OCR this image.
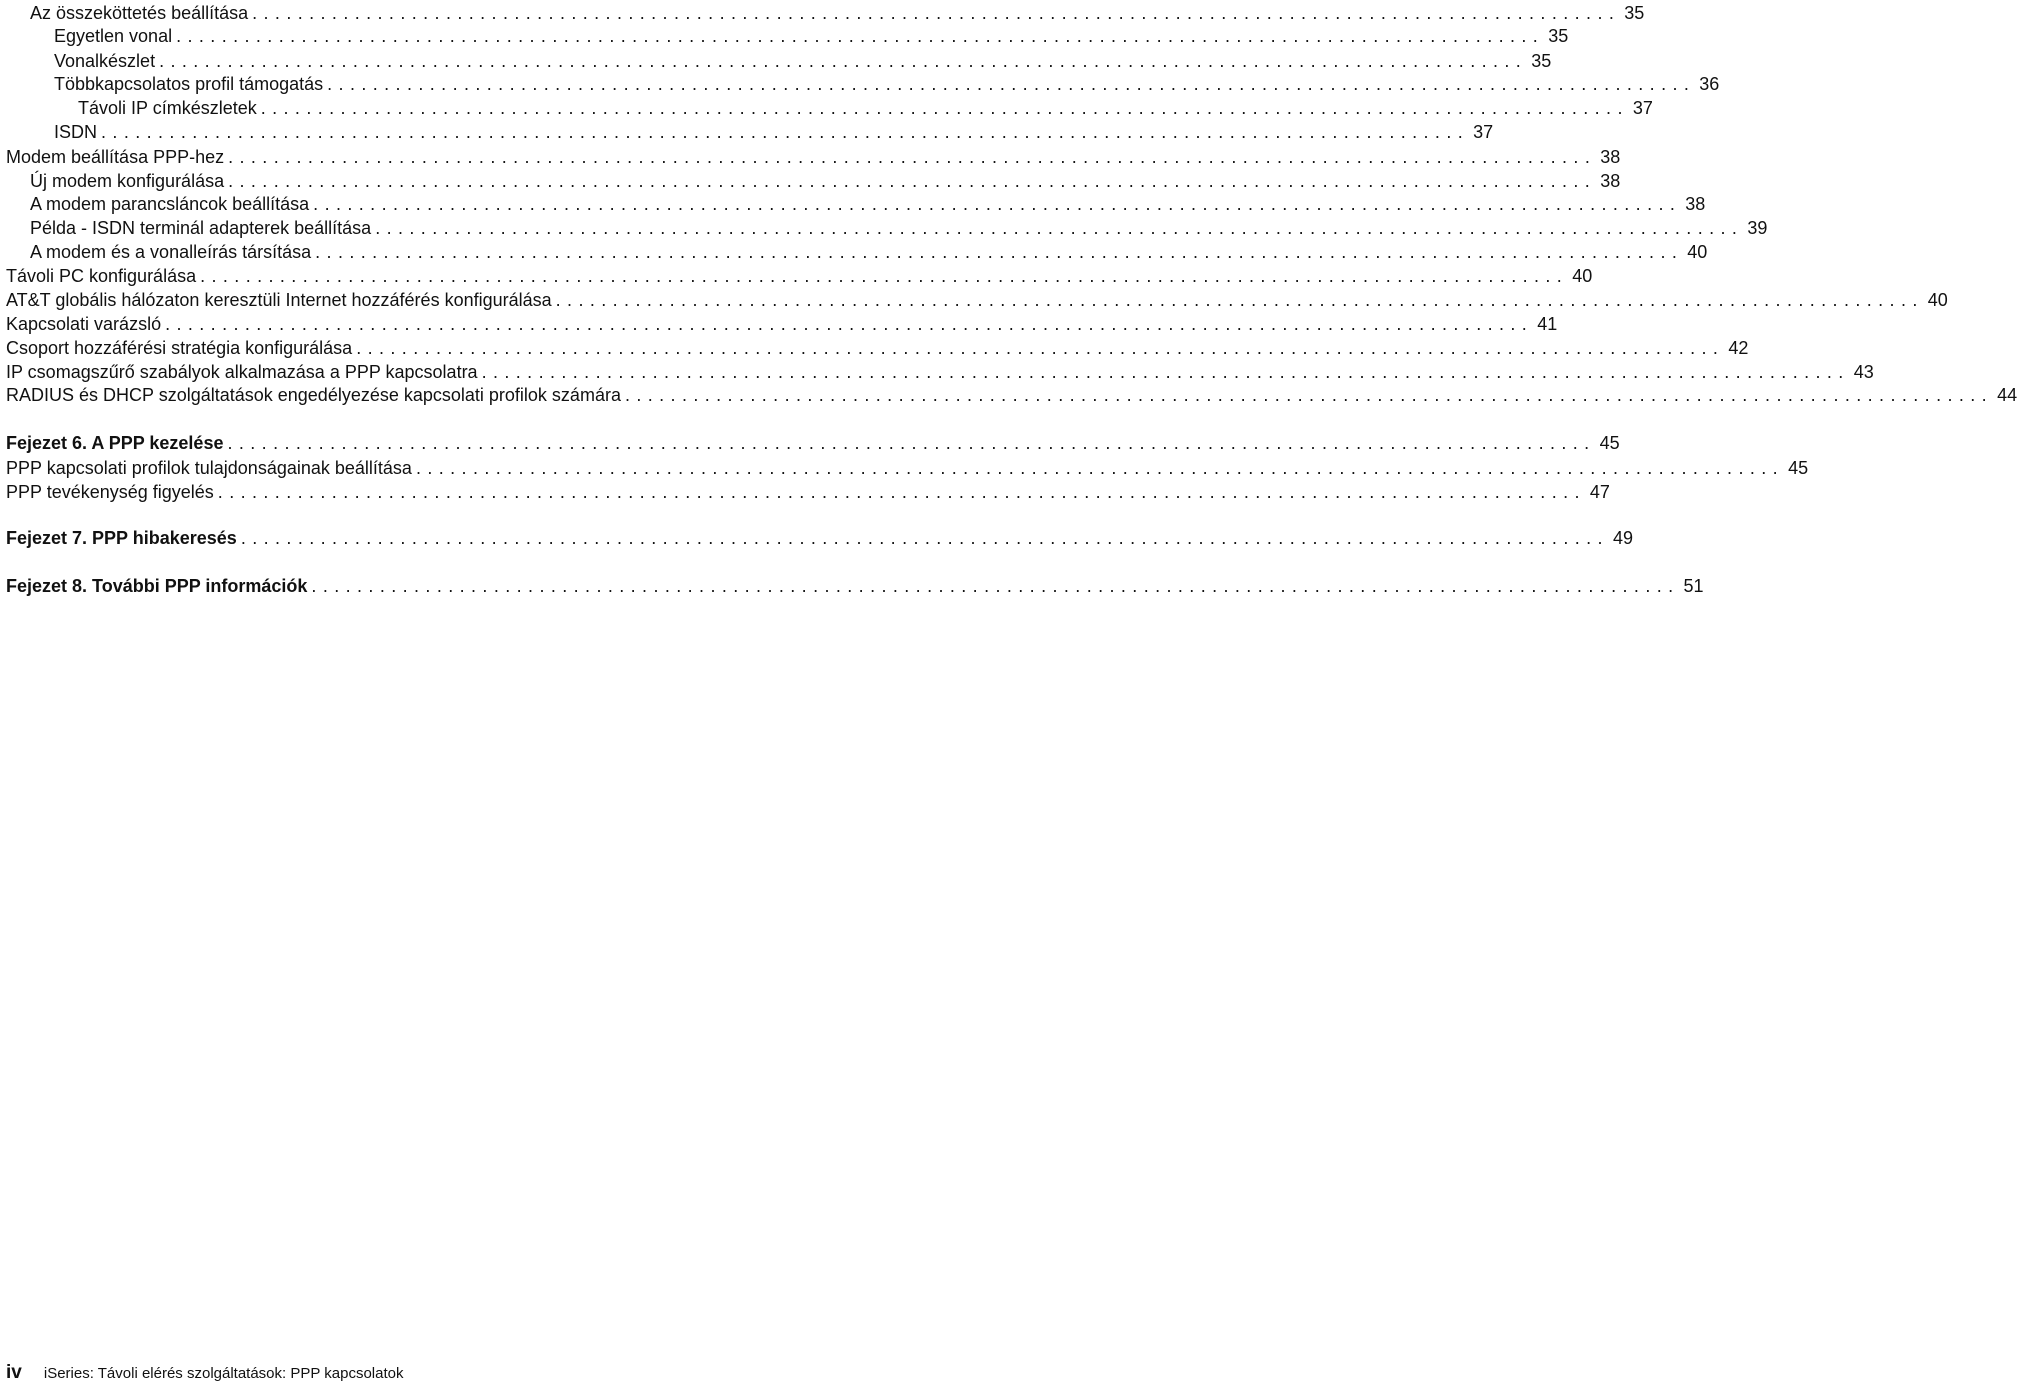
Az összeköttetés beállítása ........................................................................................................................ 35
Egyetlen vonal ........................................................................................................................ 35
Vonalkészlet ........................................................................................................................ 35
Többkapcsolatos profil támogatás ........................................................................................................................ 36
Távoli IP címkészletek ........................................................................................................................ 37
ISDN ........................................................................................................................ 37
Modem beállítása PPP-hez ........................................................................................................................ 38
Új modem konfigurálása ........................................................................................................................ 38
A modem parancsláncok beállítása ........................................................................................................................ 38
Példa - ISDN terminál adapterek beállítása ........................................................................................................................ 39
A modem és a vonalleírás társítása ........................................................................................................................ 40
Távoli PC konfigurálása ........................................................................................................................ 40
AT&T globális hálózaton keresztüli Internet hozzáférés konfigurálása ........................................................................................................................ 40
Kapcsolati varázsló ........................................................................................................................ 41
Csoport hozzáférési stratégia konfigurálása ........................................................................................................................ 42
IP csomagszűrő szabályok alkalmazása a PPP kapcsolatra ........................................................................................................................ 43
RADIUS és DHCP szolgáltatások engedélyezése kapcsolati profilok számára ........................................................................................................................ 44
Fejezet 6. A PPP kezelése ........................................................................................................................ 45
PPP kapcsolati profilok tulajdonságainak beállítása ........................................................................................................................ 45
PPP tevékenység figyelés ........................................................................................................................ 47
Fejezet 7. PPP hibakeresés ........................................................................................................................ 49
Fejezet 8. További PPP információk ........................................................................................................................ 51
iv iSeries: Távoli elérés szolgáltatások: PPP kapcsolatok
